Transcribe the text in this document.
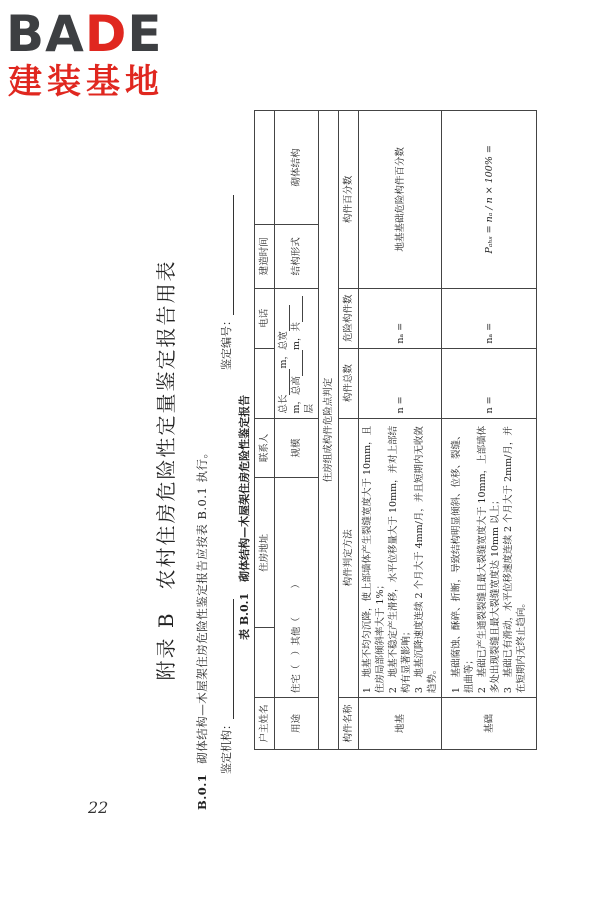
BADE
建装基地
22
附录 B　农村住房危险性定量鉴定报告用表
B.0.1砌体结构—木屋架住房危险性鉴定报告应按表 B.0.1 执行。 鉴定机构：
表 B.0.1　砌体结构—木屋架住房危险性鉴定报告
鉴定编号：
户主姓名		住房地址	联系人		电话	建造时间	
用途	住宅（　）其他（　　　）		规模	总长m，总宽m，总高m，共层		结构形式	砌体结构
住房组成构件危险点判定							
构件名称	构件判定方法			构件总数	危险构件数	构件百分数	
地基	1　地基不均匀沉降，使上部墙体产生裂缝宽度大于 10mm，且住房局部倾斜率大于 1%；
2　地基不稳定产生滑移，水平位移量大于 10mm，并对上部结构有显著影响；
3　地基沉降速度连续 2 个月大于 4mm/月，并且短期内无收敛趋势。			n =	nₐ =	地基基础危险构件百分数	
基础	1　基础腐蚀、酥碎、折断，导致结构明显倾斜、位移、裂缝、扭曲等；
2　基础已产生通裂裂缝且最大裂缝宽度大于 10mm，上部墙体多处出现裂缝且最大裂缝宽度达 10mm 以上；
3　基础已有滑动，水平位移速度连续 2 个月大于 2mm/月，并在短期内无终止趋向。			n =	nₐ =	Pₐₕₛ = nₐ / n × 100% =	
